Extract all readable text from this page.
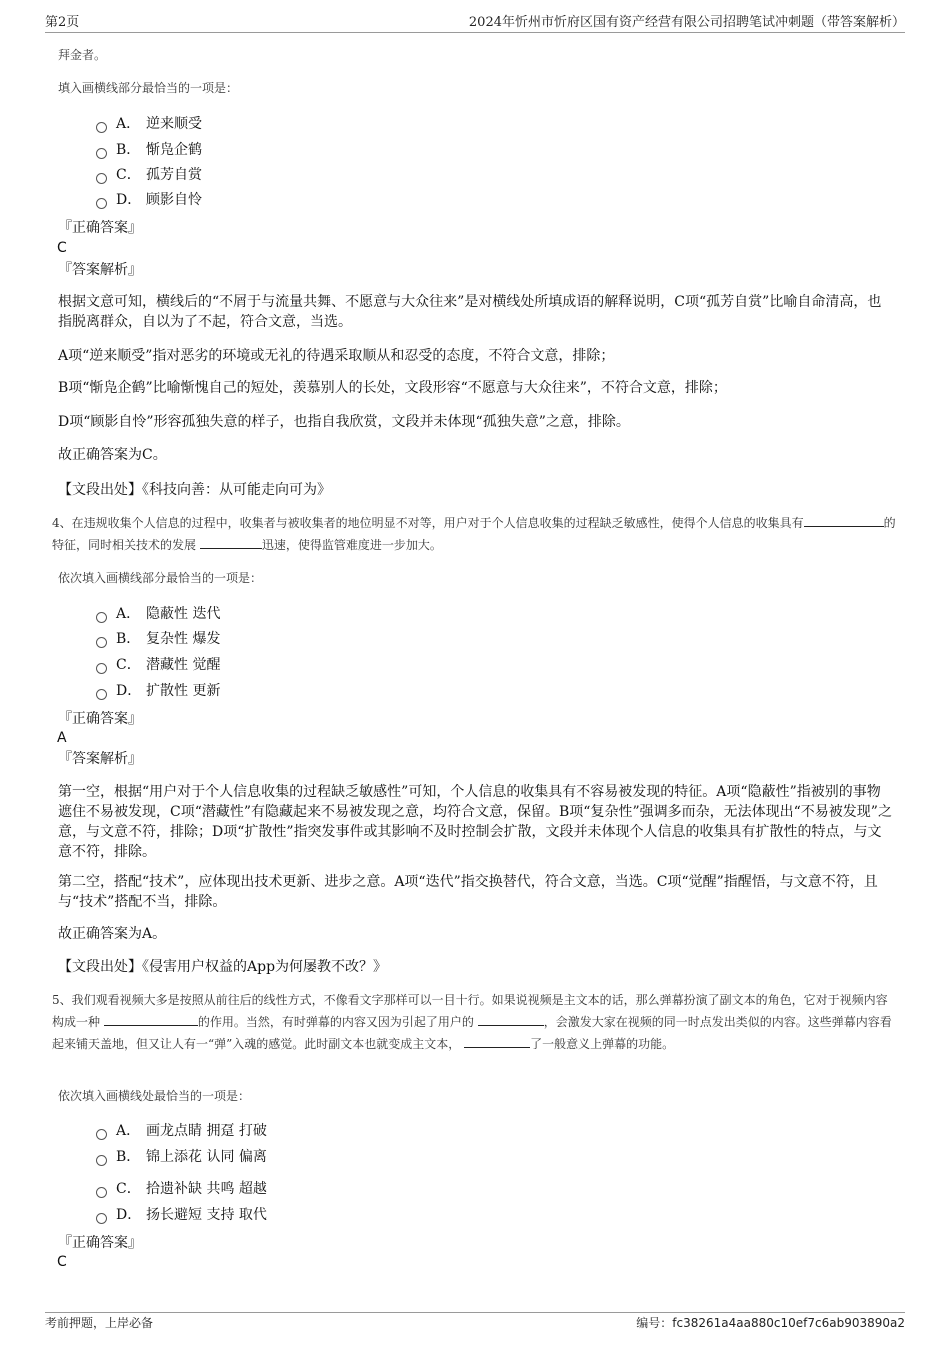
第2页	2024年忻州市忻府区国有资产经营有限公司招聘笔试冲刺题（带答案解析）
拜金者。
填入画横线部分最恰当的一项是：
A． 逆来顺受
B． 惭凫企鹤
C． 孤芳自赏
D． 顾影自怜
『正确答案』
C
『答案解析』
根据文意可知，横线后的“不屑于与流量共舞、不愿意与大众往来”是对横线处所填成语的解释说明，C项“孤芳自赏”比喻自命清高，也指脱离群众，自以为了不起，符合文意，当选。
A项“逆来顺受”指对恶劣的环境或无礼的待遇采取顺从和忍受的态度，不符合文意，排除；
B项“惭凫企鹤”比喻惭愧自己的短处，羡慕别人的长处，文段形容“不愿意与大众往来”，不符合文意，排除；
D项“顾影自怜”形容孤独失意的样子，也指自我欣赏，文段并未体现“孤独失意”之意，排除。
故正确答案为C。
【文段出处】《科技向善：从可能走向可为》
4、在违规收集个人信息的过程中，收集者与被收集者的地位明显不对等，用户对于个人信息收集的过程缺乏敏感性，使得个人信息的收集具有	的特征，同时相关技术的发展	迅速，使得监管难度进一步加大。
依次填入画横线部分最恰当的一项是：
A． 隐蔽性 迭代
B． 复杂性 爆发
C． 潜藏性 觉醒
D． 扩散性 更新
『正确答案』
A
『答案解析』
第一空，根据“用户对于个人信息收集的过程缺乏敏感性”可知，个人信息的收集具有不容易被发现的特征。A项“隐蔽性”指被别的事物遮住不易被发现，C项“潜藏性”有隐藏起来不易被发现之意，均符合文意，保留。B项“复杂性”强调多而杂，无法体现出“不易被发现”之意，与文意不符，排除；D项“扩散性”指突发事件或其影响不及时控制会扩散，文段并未体现个人信息的收集具有扩散性的特点，与文意不符，排除。
第二空，搭配“技术”，应体现出技术更新、进步之意。A项“迭代”指交换替代，符合文意，当选。C项“觉醒”指醒悟，与文意不符，且与“技术”搭配不当，排除。
故正确答案为A。
【文段出处】《侵害用户权益的App为何屡教不改？》
5、我们观看视频大多是按照从前往后的线性方式，不像看文字那样可以一目十行。如果说视频是主文本的话，那么弹幕扮演了副文本的角色，它对于视频内容构成一种	的作用。当然，有时弹幕的内容又因为引起了用户的	，会激发大家在视频的同一时点发出类似的内容。这些弹幕内容看起来铺天盖地，但又让人有一“弹”入魂的感觉。此时副文本也就变成主文本，	了一般意义上弹幕的功能。
依次填入画横线处最恰当的一项是：
A． 画龙点睛 拥趸 打破
B． 锦上添花 认同 偏离
C． 拾遗补缺 共鸣 超越
D． 扬长避短 支持 取代
『正确答案』
C
考前押题，上岸必备	编号：fc38261a4aa880c10ef7c6ab903890a2
